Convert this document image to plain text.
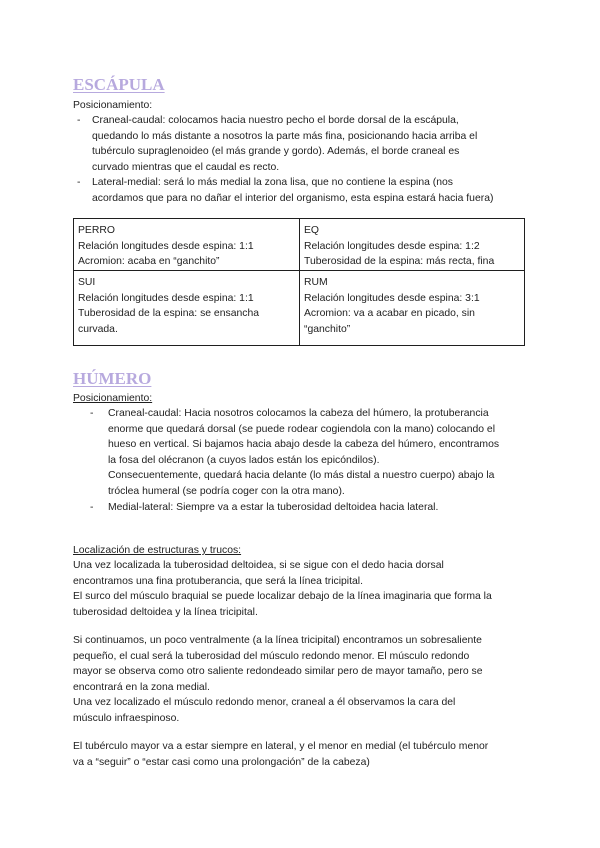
ESCÁPULA
Posicionamiento:
- Craneal-caudal: colocamos hacia nuestro pecho el borde dorsal de la escápula,
quedando lo más distante a nosotros la parte más fina, posicionando hacia arriba el
tubérculo supraglenoideo (el más grande y gordo). Además, el borde craneal es
curvado mientras que el caudal es recto.
- Lateral-medial: será lo más medial la zona lisa, que no contiene la espina (nos
acordamos que para no dañar el interior del organismo, esta espina estará hacia fuera)
PERRO
Relación longitudes desde espina: 1:1
Acromion: acaba en “ganchito”
EQ
Relación longitudes desde espina: 1:2
Tuberosidad de la espina: más recta, fina
SUI
Relación longitudes desde espina: 1:1
Tuberosidad de la espina: se ensancha
curvada.
RUM
Relación longitudes desde espina: 3:1
Acromion: va a acabar en picado, sin
“ganchito”
HÚMERO
Posicionamiento:
- Craneal-caudal: Hacia nosotros colocamos la cabeza del húmero, la protuberancia
enorme que quedará dorsal (se puede rodear cogiendola con la mano) colocando el
hueso en vertical. Si bajamos hacia abajo desde la cabeza del húmero, encontramos
la fosa del olécranon (a cuyos lados están los epicóndilos).
Consecuentemente, quedará hacia delante (lo más distal a nuestro cuerpo) abajo la
tróclea humeral (se podría coger con la otra mano).
- Medial-lateral: Siempre va a estar la tuberosidad deltoidea hacia lateral.
Localización de estructuras y trucos:
Una vez localizada la tuberosidad deltoidea, si se sigue con el dedo hacia dorsal
encontramos una fina protuberancia, que será la línea tricipital.
El surco del músculo braquial se puede localizar debajo de la línea imaginaria que forma la
tuberosidad deltoidea y la línea tricipital.
Si continuamos, un poco ventralmente (a la línea tricipital) encontramos un sobresaliente
pequeño, el cual será la tuberosidad del músculo redondo menor. El músculo redondo
mayor se observa como otro saliente redondeado similar pero de mayor tamaño, pero se
encontrará en la zona medial.
Una vez localizado el músculo redondo menor, craneal a él observamos la cara del
músculo infraespinoso.
El tubérculo mayor va a estar siempre en lateral, y el menor en medial (el tubérculo menor
va a “seguir” o “estar casi como una prolongación” de la cabeza)
